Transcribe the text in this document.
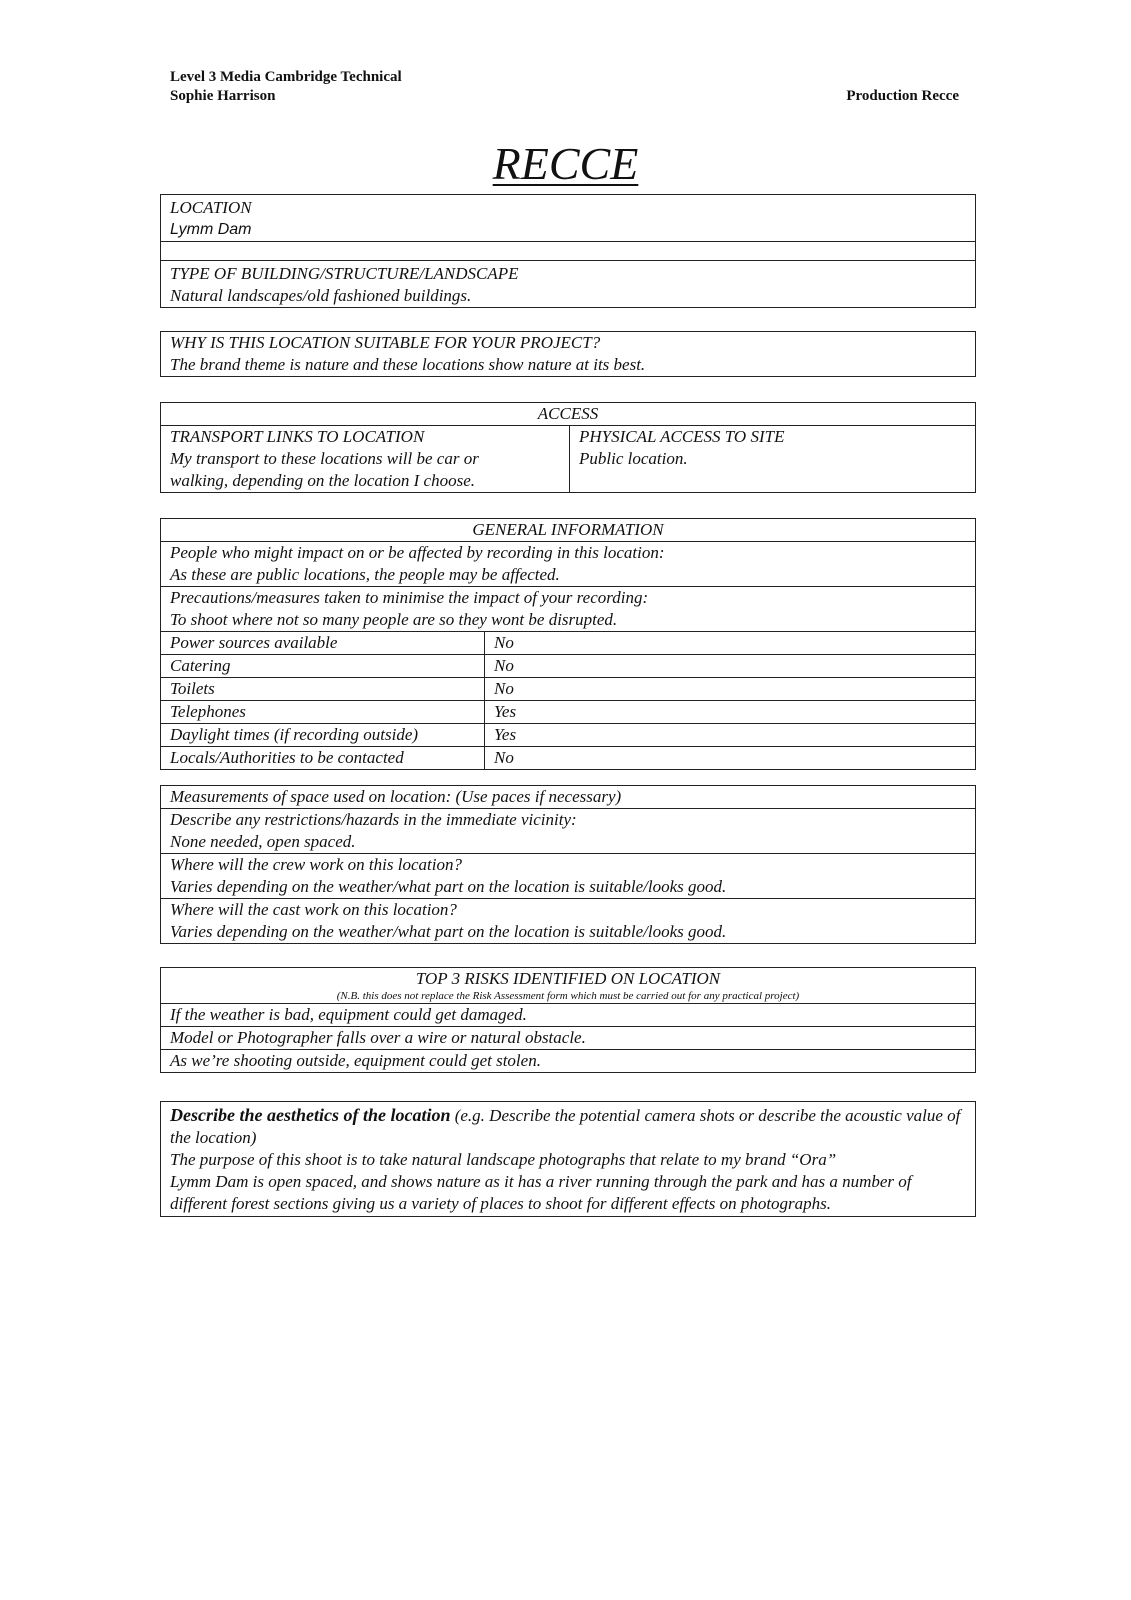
Level 3 Media Cambridge Technical
Sophie Harrison	Production Recce
RECCE
LOCATION
Lymm Dam
TYPE OF BUILDING/STRUCTURE/LANDSCAPE
Natural landscapes/old fashioned buildings.
WHY IS THIS LOCATION SUITABLE FOR YOUR PROJECT?
The brand theme is nature and these locations show nature at its best.
ACCESS
TRANSPORT LINKS TO LOCATION
My transport to these locations will be car or
walking, depending on the location I choose.
PHYSICAL ACCESS TO SITE
Public location.
GENERAL INFORMATION
People who might impact on or be affected by recording in this location:
As these are public locations, the people may be affected.
Precautions/measures taken to minimise the impact of your recording:
To shoot where not so many people are so they wont be disrupted.
Power sources available	No
Catering	No
Toilets	No
Telephones	Yes
Daylight times (if recording outside)	Yes
Locals/Authorities to be contacted	No
Measurements of space used on location: (Use paces if necessary)
Describe any restrictions/hazards in the immediate vicinity:
None needed, open spaced.
Where will the crew work on this location?
Varies depending on the weather/what part on the location is suitable/looks good.
Where will the cast work on this location?
Varies depending on the weather/what part on the location is suitable/looks good.
TOP 3 RISKS IDENTIFIED ON LOCATION
(N.B. this does not replace the Risk Assessment form which must be carried out for any practical project)
If the weather is bad, equipment could get damaged.
Model or Photographer falls over a wire or natural obstacle.
As we’re shooting outside, equipment could get stolen.
Describe the aesthetics of the location (e.g. Describe the potential camera shots or describe the acoustic value of the location)
The purpose of this shoot is to take natural landscape photographs that relate to my brand “Ora”
Lymm Dam is open spaced, and shows nature as it has a river running through the park and has a number of different forest sections giving us a variety of places to shoot for different effects on photographs.
